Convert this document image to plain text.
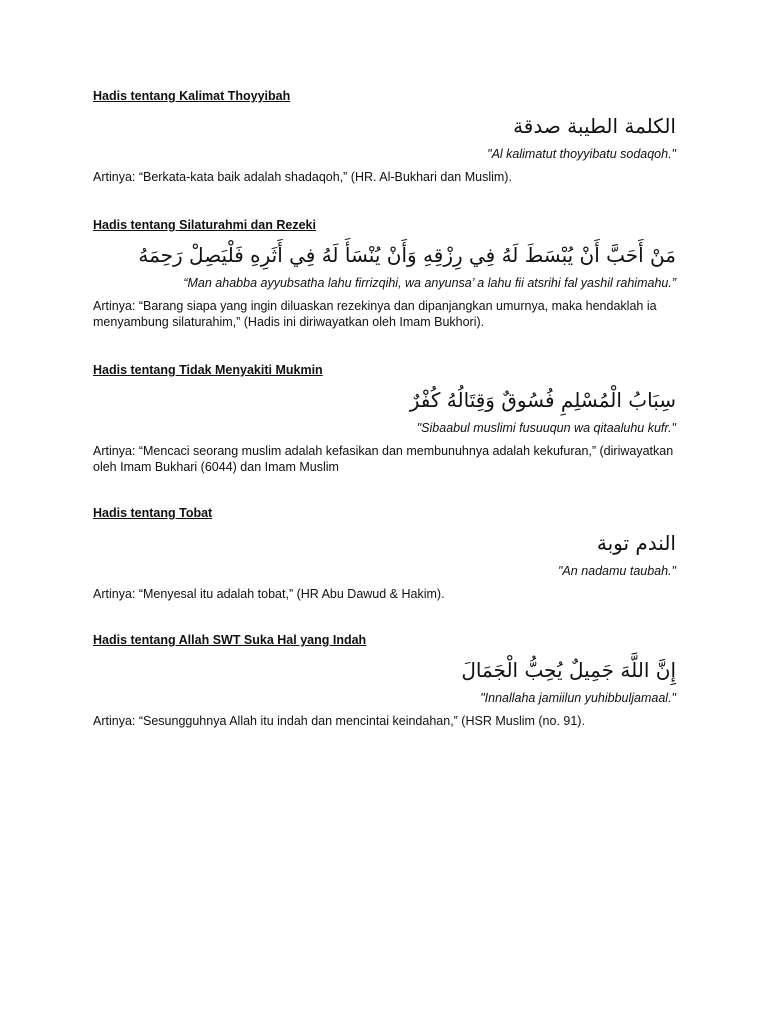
Hadis tentang Kalimat Thoyyibah

الكلمة الطيبة صدقة

"Al kalimatut thoyyibatu sodaqoh."

Artinya: “Berkata-kata baik adalah shadaqoh,” (HR. Al-Bukhari dan Muslim).

Hadis tentang Silaturahmi dan Rezeki

مَنْ أَحَبَّ أَنْ يُبْسَطَ لَهُ فِي رِزْقِهِ وَأَنْ يُنْسَأَ لَهُ فِي أَثَرِهِ فَلْيَصِلْ رَحِمَهُ

“Man ahabba ayyubsatha lahu firrizqihi, wa anyunsa’ a lahu fii atsrihi fal yashil rahimahu.”

Artinya: “Barang siapa yang ingin diluaskan rezekinya dan dipanjangkan umurnya, maka hendaklah ia menyambung silaturahim,” (Hadis ini diriwayatkan oleh Imam Bukhori).

Hadis tentang Tidak Menyakiti Mukmin

سِبَابُ الْمُسْلِمِ فُسُوقٌ وَقِتَالُهُ كُفْرٌ

"Sibaabul muslimi fusuuqun wa qitaaluhu kufr."

Artinya: “Mencaci seorang muslim adalah kefasikan dan membunuhnya adalah kekufuran,” (diriwayatkan oleh Imam Bukhari (6044) dan Imam Muslim

Hadis tentang Tobat

الندم توبة

"An nadamu taubah."

Artinya: “Menyesal itu adalah tobat,” (HR Abu Dawud & Hakim).

Hadis tentang Allah SWT Suka Hal yang Indah

إِنَّ اللَّهَ جَمِيلٌ يُحِبُّ الْجَمَالَ

"Innallaha jamiilun yuhibbuljamaal."

Artinya: “Sesungguhnya Allah itu indah dan mencintai keindahan,” (HSR Muslim (no. 91).
